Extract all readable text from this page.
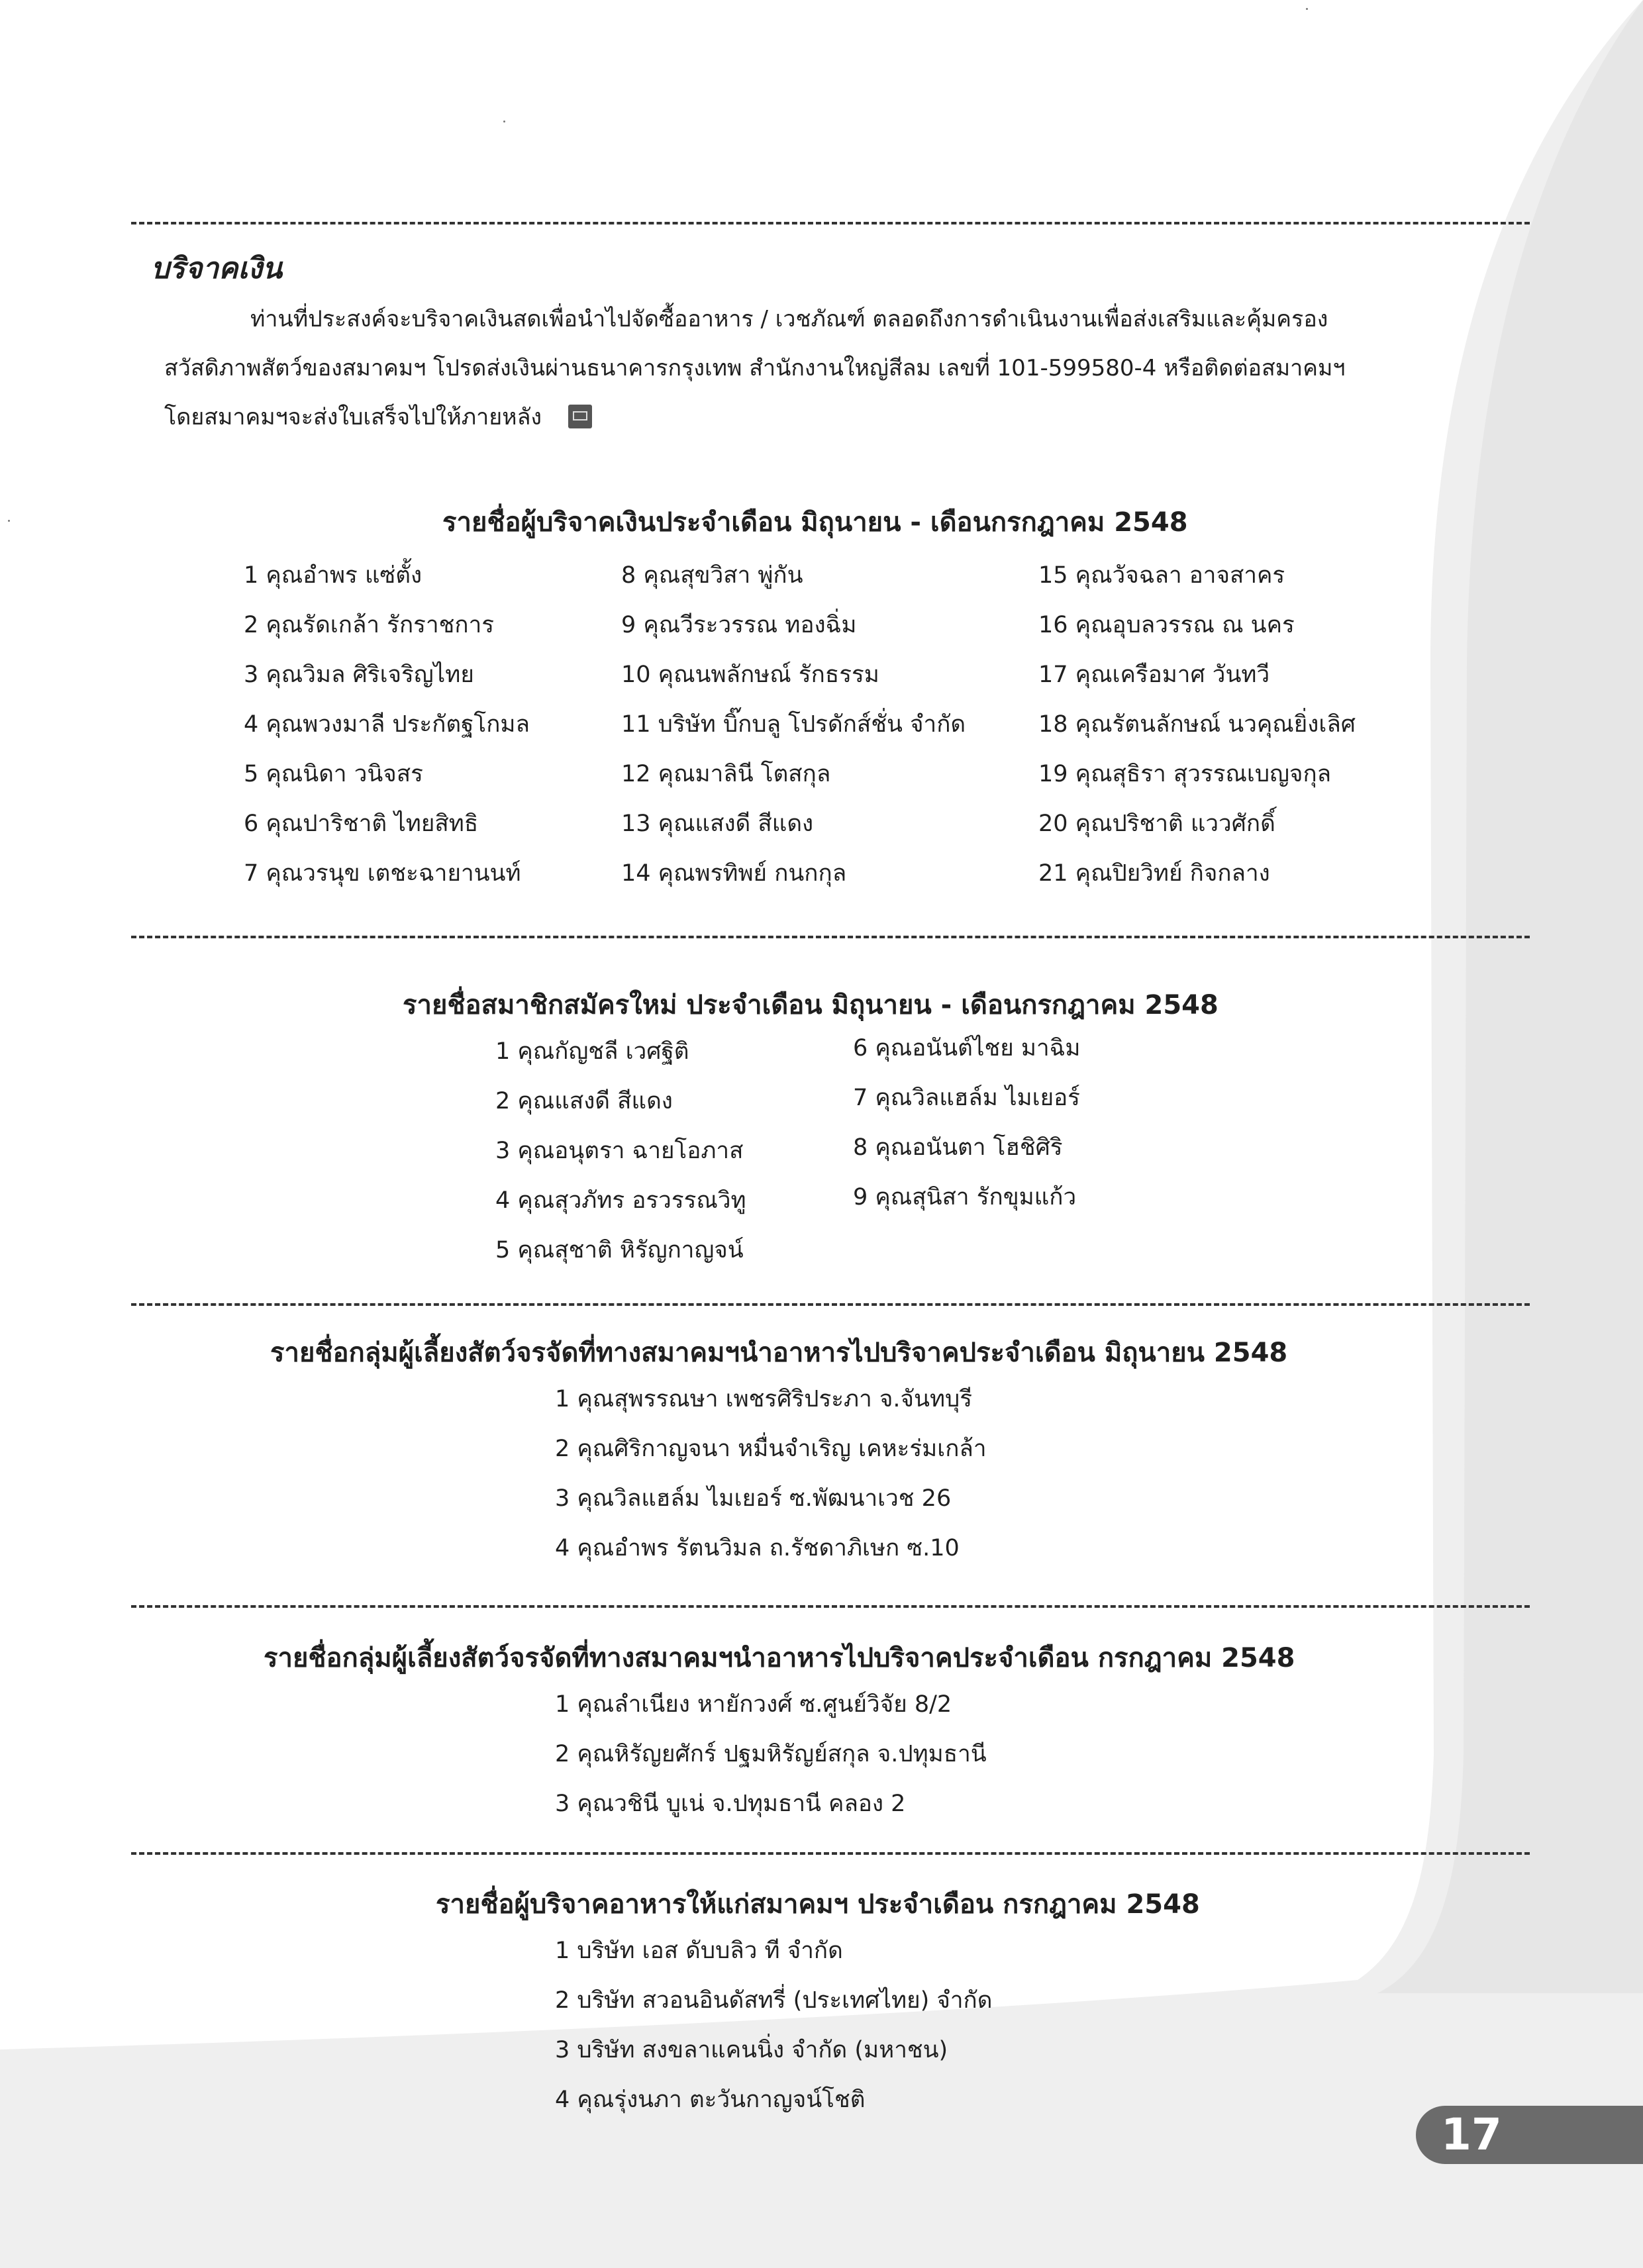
บริจาคเงิน

ท่านที่ประสงค์จะบริจาคเงินสดเพื่อนำไปจัดซื้ออาหาร / เวชภัณฑ์ ตลอดถึงการดำเนินงานเพื่อส่งเสริมและคุ้มครอง
สวัสดิภาพสัตว์ของสมาคมฯ โปรดส่งเงินผ่านธนาคารกรุงเทพ สำนักงานใหญ่สีลม เลขที่ 101-599580-4 หรือติดต่อสมาคมฯ
โดยสมาคมฯจะส่งใบเสร็จไปให้ภายหลัง

รายชื่อผู้บริจาคเงินประจำเดือน มิถุนายน - เดือนกรกฎาคม 2548
1 คุณอำพร แซ่ตั้ง
2 คุณรัดเกล้า รักราชการ
3 คุณวิมล ศิริเจริญไทย
4 คุณพวงมาลี ประกัตฐโกมล
5 คุณนิดา วนิจสร
6 คุณปาริชาติ ไทยสิทธิ
7 คุณวรนุข เตชะฉายานนท์
8 คุณสุขวิสา พู่กัน
9 คุณวีระวรรณ ทองฉิ่ม
10 คุณนพลักษณ์ รักธรรม
11 บริษัท บิ๊กบลู โปรดักส์ชั่น จำกัด
12 คุณมาลินี โตสกุล
13 คุณแสงดี สีแดง
14 คุณพรทิพย์ กนกกุล
15 คุณวัจฉลา อาจสาคร
16 คุณอุบลวรรณ ณ นคร
17 คุณเครือมาศ วันทวี
18 คุณรัตนลักษณ์ นวคุณยิ่งเลิศ
19 คุณสุธิรา สุวรรณเบญจกุล
20 คุณปริชาติ แววศักดิ์
21 คุณปิยวิทย์ กิจกลาง
รายชื่อสมาชิกสมัครใหม่ ประจำเดือน มิถุนายน - เดือนกรกฎาคม 2548
1 คุณกัญชลี เวศฐิติ
2 คุณแสงดี สีแดง
3 คุณอนุตรา ฉายโอภาส
4 คุณสุวภัทร อรวรรณวิทู
5 คุณสุชาติ หิรัญกาญจน์
6 คุณอนันต์ไชย มาฉิม
7 คุณวิลแฮล์ม ไมเยอร์
8 คุณอนันตา โฮชิศิริ
9 คุณสุนิสา รักขุมแก้ว
รายชื่อกลุ่มผู้เลี้ยงสัตว์จรจัดที่ทางสมาคมฯนำอาหารไปบริจาคประจำเดือน มิถุนายน 2548
1 คุณสุพรรณษา เพชรศิริประภา จ.จันทบุรี
2 คุณศิริกาญจนา หมื่นจำเริญ เคหะร่มเกล้า
3 คุณวิลแฮล์ม ไมเยอร์ ซ.พัฒนาเวช 26
4 คุณอำพร รัตนวิมล ถ.รัชดาภิเษก ซ.10
รายชื่อกลุ่มผู้เลี้ยงสัตว์จรจัดที่ทางสมาคมฯนำอาหารไปบริจาคประจำเดือน กรกฎาคม 2548
1 คุณลำเนียง หายักวงศ์ ซ.ศูนย์วิจัย 8/2
2 คุณหิรัญยศักร์ ปฐมหิรัญย์สกุล จ.ปทุมธานี
3 คุณวชินี บูเน่ จ.ปทุมธานี คลอง 2
รายชื่อผู้บริจาคอาหารให้แก่สมาคมฯ ประจำเดือน กรกฎาคม 2548
1 บริษัท เอส ดับบลิว ที จำกัด
2 บริษัท สวอนอินดัสทรี่ (ประเทศไทย) จำกัด
3 บริษัท สงขลาแคนนิ่ง จำกัด (มหาชน)
4 คุณรุ่งนภา ตะวันกาญจน์โชติ
17
